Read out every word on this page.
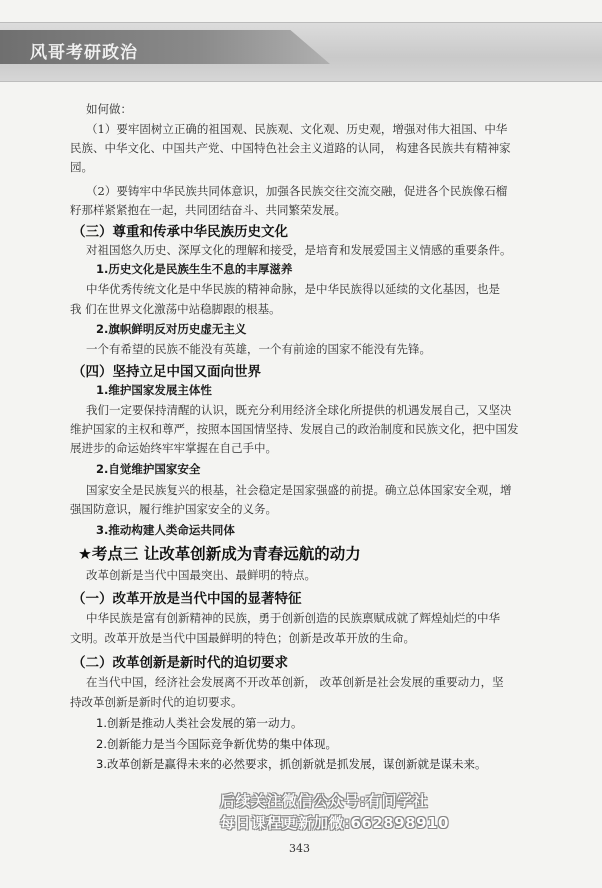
风哥考研政治
如何做：
（1）要牢固树立正确的祖国观、民族观、文化观、历史观，增强对伟大祖国、中华
民族、中华文化、中国共产党、中国特色社会主义道路的认同， 构建各民族共有精神家
园。
（2）要铸牢中华民族共同体意识，加强各民族交往交流交融，促进各个民族像石榴
籽那样紧紧抱在一起，共同团结奋斗、共同繁荣发展。
（三）尊重和传承中华民族历史文化
对祖国悠久历史、深厚文化的理解和接受，是培育和发展爱国主义情感的重要条件。
1.历史文化是民族生生不息的丰厚滋养
中华优秀传统文化是中华民族的精神命脉，是中华民族得以延续的文化基因，也是
我 们在世界文化激荡中站稳脚跟的根基。
2.旗帜鲜明反对历史虚无主义
一个有希望的民族不能没有英雄，一个有前途的国家不能没有先锋。
（四）坚持立足中国又面向世界
1.维护国家发展主体性
我们一定要保持清醒的认识，既充分利用经济全球化所提供的机遇发展自己，又坚决
维护国家的主权和尊严，按照本国国情坚持、发展自己的政治制度和民族文化，把中国发
展进步的命运始终牢牢掌握在自己手中。
2.自觉维护国家安全
国家安全是民族复兴的根基，社会稳定是国家强盛的前提。确立总体国家安全观，增
强国防意识，履行维护国家安全的义务。
3.推动构建人类命运共同体
★考点三 让改革创新成为青春远航的动力
改革创新是当代中国最突出、最鲜明的特点。
（一）改革开放是当代中国的显著特征
中华民族是富有创新精神的民族，勇于创新创造的民族禀赋成就了辉煌灿烂的中华
文明。改革开放是当代中国最鲜明的特色；创新是改革开放的生命。
（二）改革创新是新时代的迫切要求
在当代中国，经济社会发展离不开改革创新， 改革创新是社会发展的重要动力，坚
持改革创新是新时代的迫切要求。
1.创新是推动人类社会发展的第一动力。
2.创新能力是当今国际竞争新优势的集中体现。
3.改革创新是赢得未来的必然要求，抓创新就是抓发展，谋创新就是谋未来。
后续关注微信公众号:有间学社
每日课程更新加微:662898910
343
